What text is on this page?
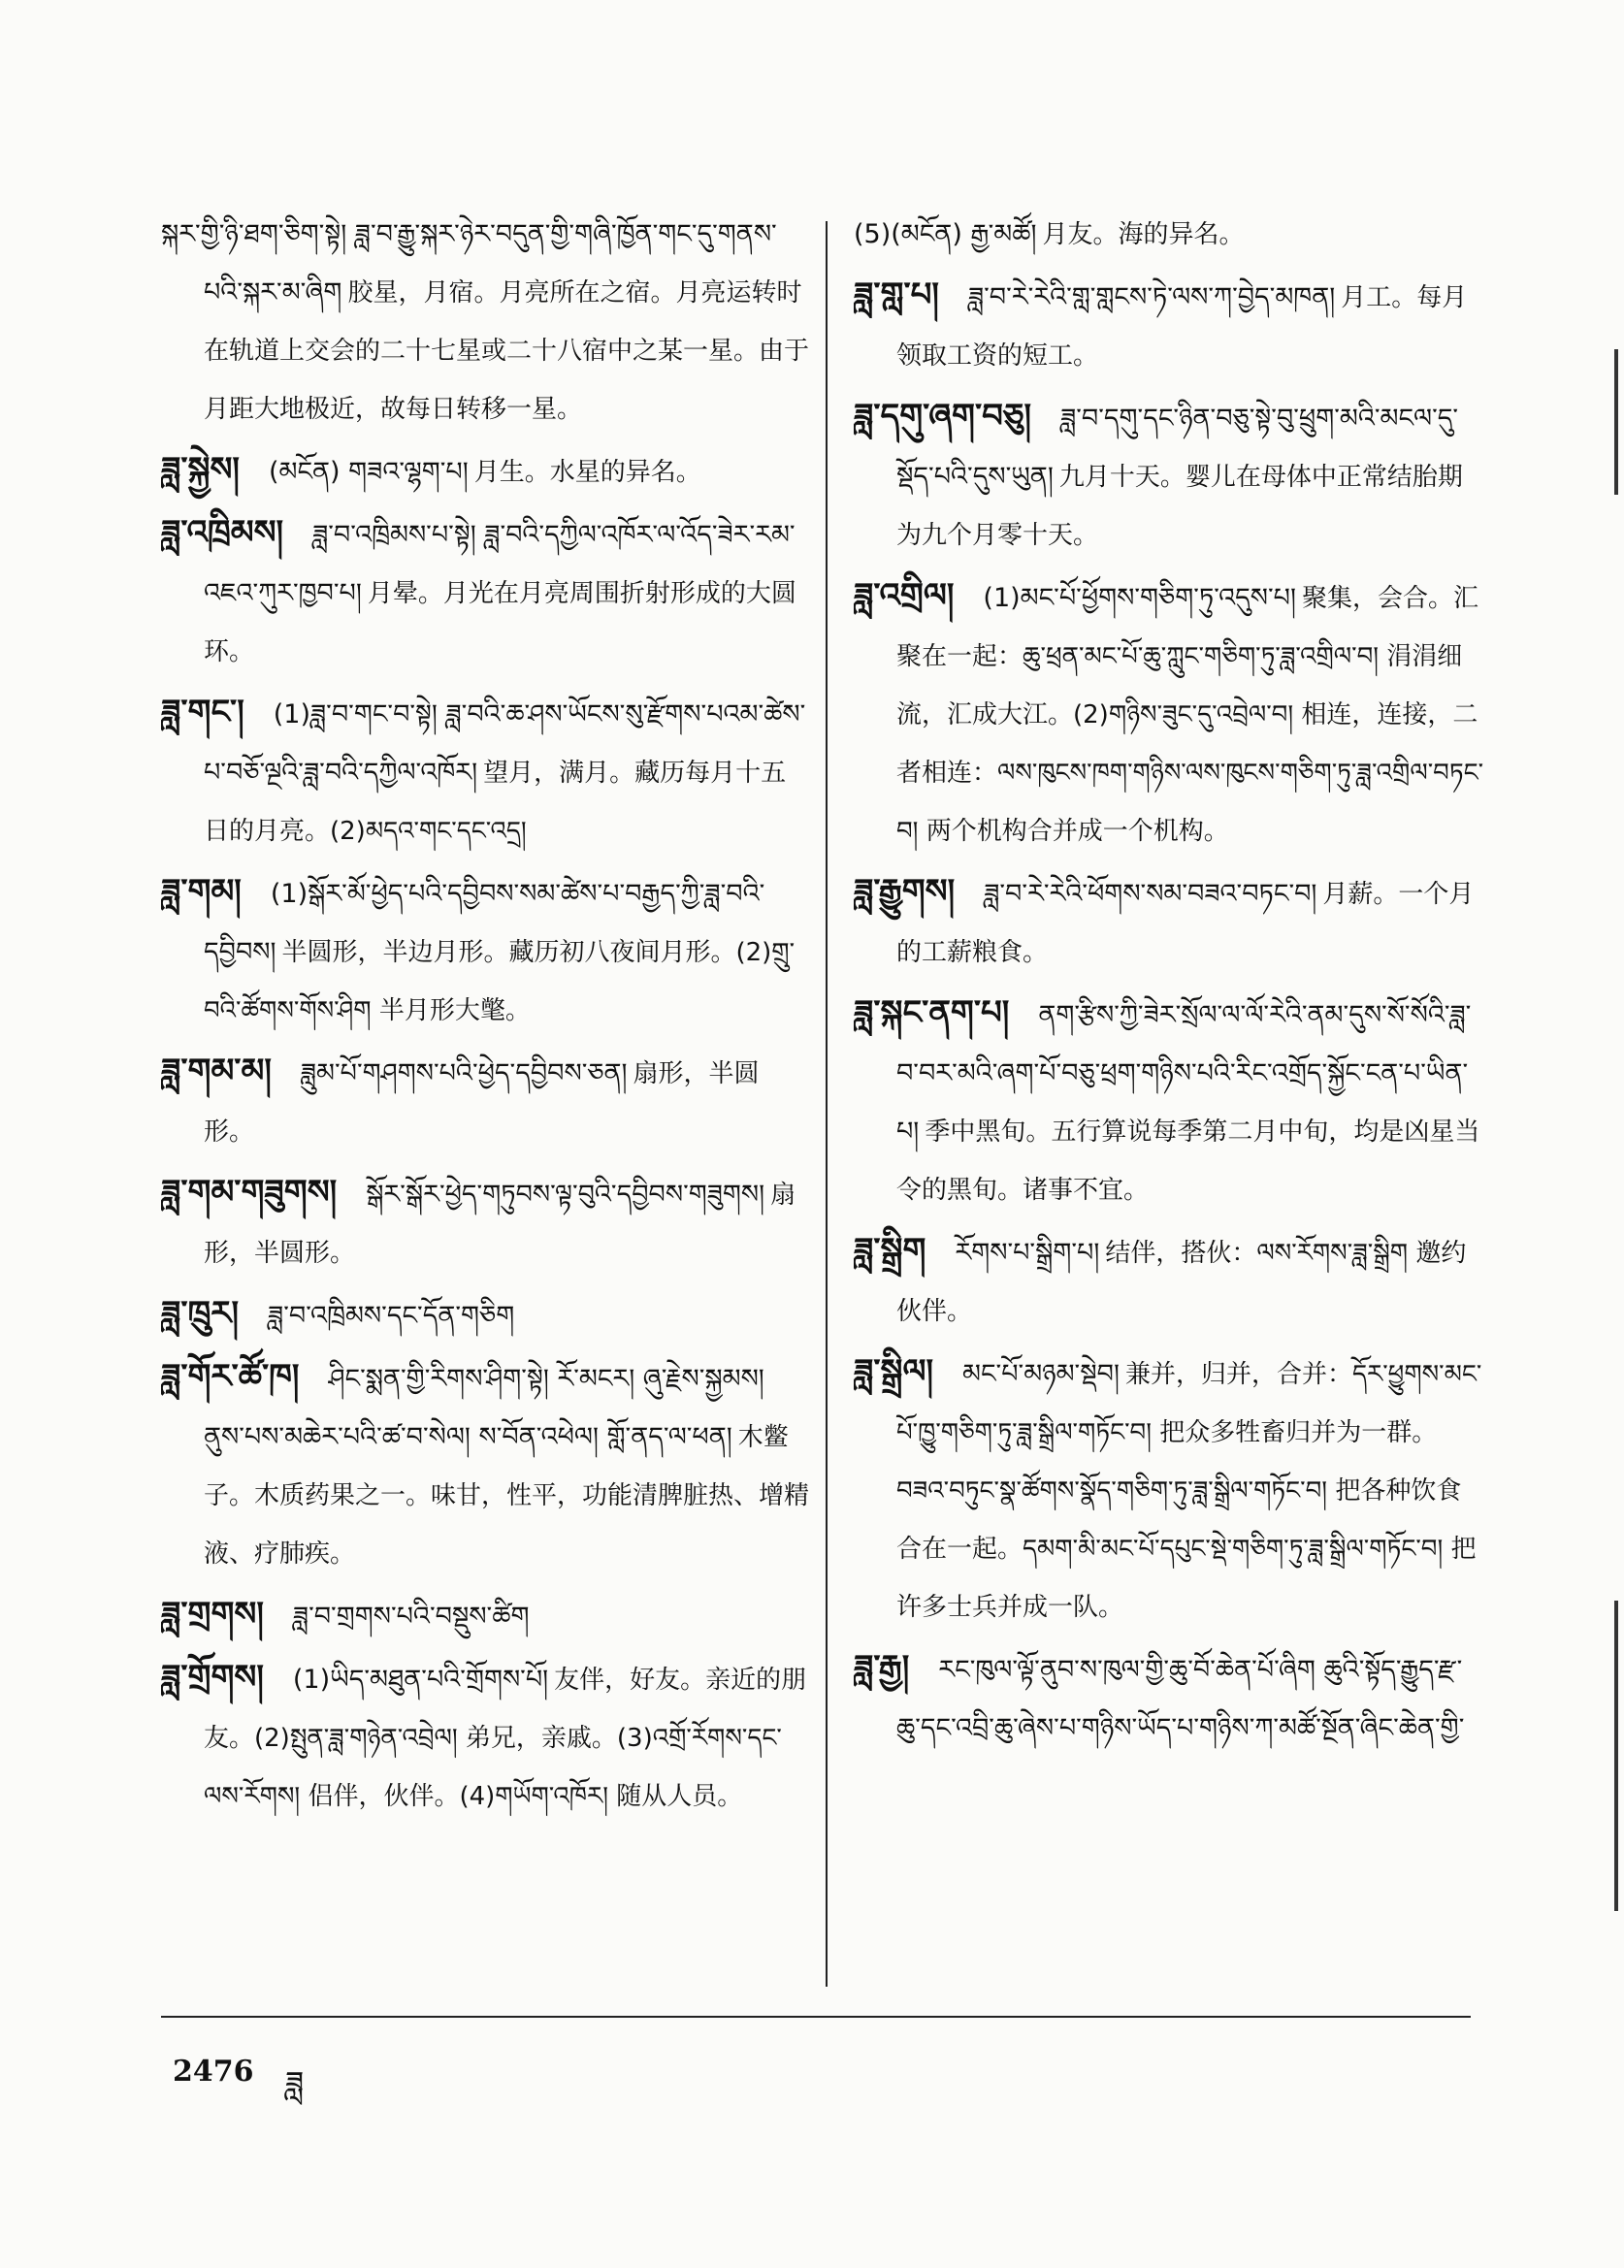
སྐར་གྱི་ཉི་ཐག་ཅིག་སྟེ། ཟླ་བ་རྒྱུ་སྐར་ཉེར་བདུན་གྱི་གཞི་ཁྱོན་གང་དུ་གནས་པའི་སྐར་མ་ཞིག 胶星，月宿。月亮所在之宿。月亮运转时在轨道上交会的二十七星或二十八宿中之某一星。由于月距大地极近，故每日转移一星。
ཟླ་སྐྱེས། (མངོན) གཟའ་ལྷག་པ། 月生。水星的异名。
ཟླ་འཁྲིམས། ཟླ་བ་འཁྲིམས་པ་སྟེ། ཟླ་བའི་དཀྱིལ་འཁོར་ལ་འོད་ཟེར་རམ་འཇའ་ཀུར་ཁྱབ་པ། 月晕。月光在月亮周围折射形成的大圆环。
ཟླ་གང་། (1)ཟླ་བ་གང་བ་སྟེ། ཟླ་བའི་ཆ་ཤས་ཡོངས་སུ་རྫོགས་པའམ་ཚེས་པ་བཅོ་ལྔའི་ཟླ་བའི་དཀྱིལ་འཁོར། 望月，满月。藏历每月十五日的月亮。(2)མདའ་གང་དང་འདྲ།
ཟླ་གམ། (1)སྒོར་མོ་ཕྱེད་པའི་དབྱིབས་སམ་ཚེས་པ་བརྒྱད་ཀྱི་ཟླ་བའི་དབྱིབས། 半圆形，半边月形。藏历初八夜间月形。(2)གྲུ་བའི་ཚོགས་གོས་ཤིག 半月形大氅。
ཟླ་གམ་མ། ཟླུམ་པོ་གཤགས་པའི་ཕྱེད་དབྱིབས་ཅན། 扇形，半圆形。
ཟླ་གམ་གཟུགས། སྒོར་སྒོར་ཕྱེད་གཏུབས་ལྟ་བུའི་དབྱིབས་གཟུགས། 扇形，半圆形。
ཟླ་ཁྲུར། ཟླ་བ་འཁྲིམས་དང་དོན་གཅིག
ཟླ་གོར་ཚོ་ཁ། ཤིང་སྨན་གྱི་རིགས་ཤིག་སྟེ། རོ་མངར། ཞུ་རྗེས་སྐྱམས། ནུས་པས་མཆེར་པའི་ཚ་བ་སེལ། ས་བོན་འཕེལ། གློ་ནད་ལ་ཕན། 木鳖子。木质药果之一。味甘，性平，功能清脾脏热、增精液、疗肺疾。
ཟླ་གྲགས། ཟླ་བ་གྲགས་པའི་བསྡུས་ཚིག
ཟླ་གྲོགས། (1)ཡིད་མཐུན་པའི་གྲོགས་པོ། 友伴，好友。亲近的朋友。(2)སྤུན་ཟླ་གཉེན་འབྲེལ། 弟兄，亲戚。(3)འགྲོ་རོགས་དང་ལས་རོགས། 侣伴，伙伴。(4)གཡོག་འཁོར། 随从人员。
(5)(མངོན) རྒྱ་མཚོ། 月友。海的异名。
ཟླ་གླ་པ། ཟླ་བ་རེ་རེའི་གླ་གླངས་ཏེ་ལས་ཀ་བྱེད་མཁན། 月工。每月领取工资的短工。
ཟླ་དགུ་ཞག་བཅུ། ཟླ་བ་དགུ་དང་ཉིན་བཅུ་སྟེ་བུ་ཕྲུག་མའི་མངལ་དུ་སྡོད་པའི་དུས་ཡུན། 九月十天。婴儿在母体中正常结胎期为九个月零十天。
ཟླ་འགྲིལ། (1)མང་པོ་ཕྱོགས་གཅིག་ཏུ་འདུས་པ། 聚集，会合。汇聚在一起：ཆུ་ཕྲན་མང་པོ་ཆུ་ཀླུང་གཅིག་ཏུ་ཟླ་འགྲིལ་བ། 涓涓细流，汇成大江。(2)གཉིས་ཟུང་དུ་འབྲེལ་བ། 相连，连接，二者相连：ལས་ཁུངས་ཁག་གཉིས་ལས་ཁུངས་གཅིག་ཏུ་ཟླ་འགྲིལ་བཏང་བ། 两个机构合并成一个机构。
ཟླ་རྒྱུགས། ཟླ་བ་རེ་རེའི་ཕོགས་སམ་བཟའ་བཏང་བ། 月薪。一个月的工薪粮食。
ཟླ་སྐང་ནག་པ། ནག་རྩིས་ཀྱི་ཟེར་སྲོལ་ལ་ལོ་རེའི་ནམ་དུས་སོ་སོའི་ཟླ་བ་བར་མའི་ཞག་པོ་བཅུ་ཕྲག་གཉིས་པའི་རིང་འགྲོད་སྐྱོང་ངན་པ་ཡིན་པ། 季中黑旬。五行算说每季第二月中旬，均是凶星当令的黑旬。诸事不宜。
ཟླ་སྒྲིག རོགས་པ་སྒྲིག་པ། 结伴，搭伙：ལས་རོགས་ཟླ་སྒྲིག 邀约伙伴。
ཟླ་སྒྲིལ། མང་པོ་མཉམ་སྡེབ། 兼并，归并，合并：དོར་ཕྱུགས་མང་པོ་ཁྱུ་གཅིག་ཏུ་ཟླ་སྒྲིལ་གཏོང་བ། 把众多牲畜归并为一群。བཟའ་བཏུང་སྣ་ཚོགས་སྣོད་གཅིག་ཏུ་ཟླ་སྒྲིལ་གཏོང་བ། 把各种饮食合在一起。དམག་མི་མང་པོ་དཔུང་སྡེ་གཅིག་ཏུ་ཟླ་སྒྲིལ་གཏོང་བ། 把许多士兵并成一队。
ཟླ་རྒྱ། རང་ཁུལ་ལྟོ་ནུབ་ས་ཁུལ་གྱི་ཆུ་བོ་ཆེན་པོ་ཞིག ཆུའི་སྟོད་རྒྱུད་རྫ་ཆུ་དང་འབྲི་ཆུ་ཞེས་པ་གཉིས་ཡོད་པ་གཉིས་ཀ་མཚོ་སྔོན་ཞིང་ཆེན་གྱི་
2476 ཟླ
